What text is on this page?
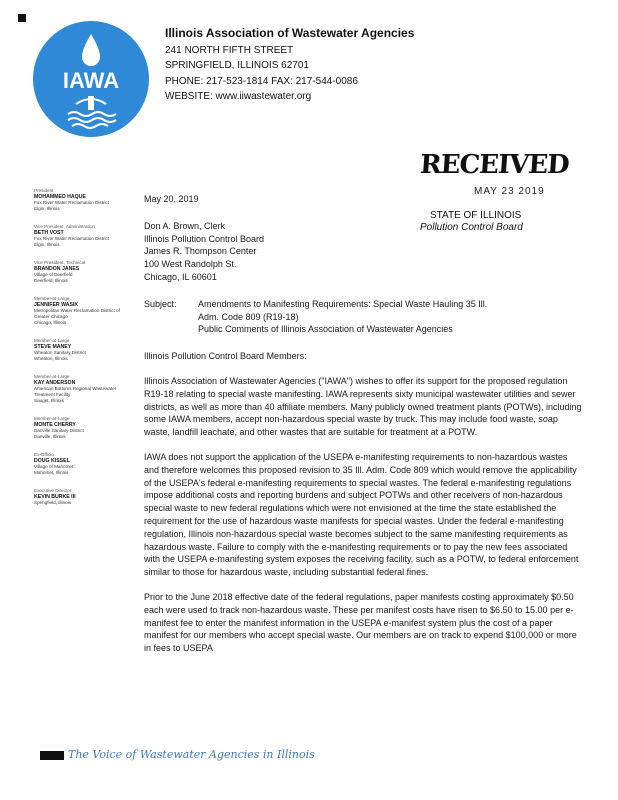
IAWA
Illinois Association of Wastewater Agencies
241 NORTH FIFTH STREET
SPRINGFIELD, ILLINOIS 62701
PHONE: 217-523-1814 FAX: 217-544-0086
WEBSITE: www.iiwastewater.org
RECEIVED
MAY 23 2019
STATE OF ILLINOIS
Pollution Control Board
President
MOHAMMED HAQUE
Fox River Water Reclamation District
Elgin, Illinois
Vice President, Administration
BETH VOST
Fox River Water Reclamation District
Elgin, Illinois
Vice President, Technical
BRANDON JANES
Village of Deerfield
Deerfield, Illinois
Member-at-Large
JENNIFER WASIK
Metropolitan Water Reclamation District of Greater Chicago
Chicago, Illinois
Member-at-Large
STEVE MANEY
Wheaton Sanitary District
Wheaton, Illinois
Member-at-Large
KAY ANDERSON
American Bottoms Regional Wastewater Treatment Facility
Sauget, Illinois
Member-at-Large
MONTE CHERRY
Danville Sanitary District
Danville, Illinois
Ex-Officio
DOUG KISSEL
Village of Mahomet
Mahomet, Illinois
Executive Director
KEVIN BURKE III
Springfield, Illinois
May 20, 2019
Don A. Brown, Clerk
Illinois Pollution Control Board
James R. Thompson Center
100 West Randolph St.
Chicago, IL 60601
Subject:	Amendments to Manifesting Requirements: Special Waste Hauling 35 Ill.
Adm. Code 809 (R19-18)
Public Comments of Illinois Association of Wastewater Agencies

Illinois Pollution Control Board Members:

Illinois Association of Wastewater Agencies ("IAWA") wishes to offer its support for the proposed regulation R19-18 relating to special waste manifesting. IAWA represents sixty municipal wastewater utilities and sewer districts, as well as more than 40 affiliate members. Many publicly owned treatment plants (POTWs), including some IAWA members, accept non-hazardous special waste by truck. This may include food waste, soap waste, landfill leachate, and other wastes that are suitable for treatment at a POTW.

IAWA does not support the application of the USEPA e-manifesting requirements to non-hazardous wastes and therefore welcomes this proposed revision to 35 Ill. Adm. Code 809 which would remove the applicability of the USEPA's federal e-manifesting requirements to special wastes. The federal e-manifesting regulations impose additional costs and reporting burdens and subject POTWs and other receivers of non-hazardous special waste to new federal regulations which were not envisioned at the time the state established the requirement for the use of hazardous waste manifests for special wastes. Under the federal e-manifesting regulation, Illinois non-hazardous special waste becomes subject to the same manifesting requirements as hazardous waste. Failure to comply with the e-manifesting requirements or to pay the new fees associated with the USEPA e-manifesting system exposes the receiving facility, such as a POTW, to federal enforcement similar to those for hazardous waste, including substantial federal fines.

Prior to the June 2018 effective date of the federal regulations, paper manifests costing approximately $0.50 each were used to track non-hazardous waste. These per manifest costs have risen to $6.50 to 15.00 per e-manifest fee to enter the manifest information in the USEPA e-manifest system plus the cost of a paper manifest for our members who accept special waste. Our members are on track to expend $100,000 or more in fees to USEPA

The Voice of Wastewater Agencies in Illinois
